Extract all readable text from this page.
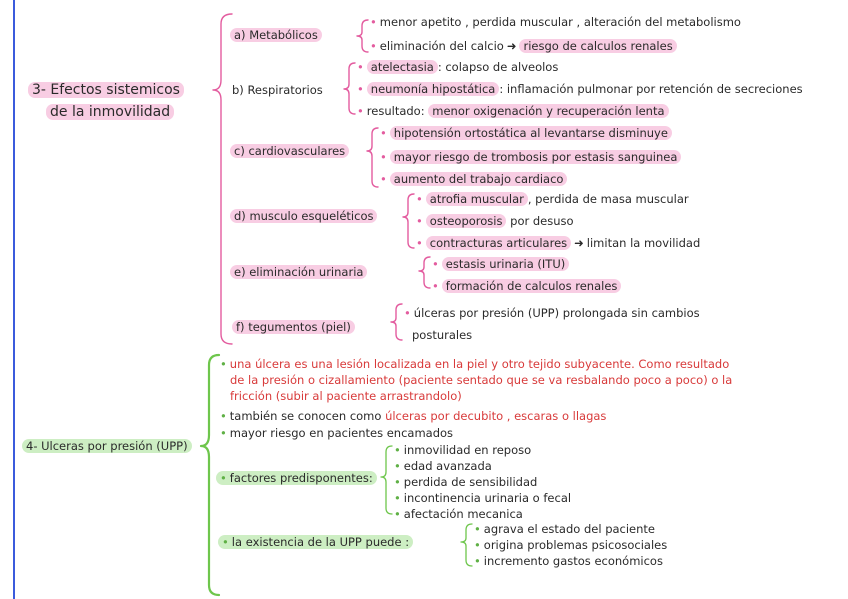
3- Efectos sistemicos
de la inmovilidad
a) Metabólicos
• menor apetito , perdida muscular , alteración del metabolismo
• eliminación del calcio ➜ riesgo de calculos renales
b) Respiratorios
• atelectasia : colapso de alveolos
• neumonía hipostática : inflamación pulmonar por retención de secreciones
• resultado: menor oxigenación y recuperación lenta
c) cardiovasculares
• hipotensión ortostática al levantarse disminuye
• mayor riesgo de trombosis por estasis sanguinea
• aumento del trabajo cardiaco
d) musculo esqueléticos
• atrofia muscular , perdida de masa muscular
• osteoporosis por desuso
• contracturas articulares ➜ limitan la movilidad
e) eliminación urinaria
• estasis urinaria (ITU)
• formación de calculos renales
f) tegumentos (piel)
• úlceras por presión (UPP) prolongada sin cambios
posturales
4- Ulceras por presión (UPP)
• una úlcera es una lesión localizada en la piel y otro tejido subyacente. Como resultado
de la presión o cizallamiento (paciente sentado que se va resbalando poco a poco) o la
fricción (subir al paciente arrastrandolo)
• también se conocen como úlceras por decubito , escaras o llagas
• mayor riesgo en pacientes encamados
• factores predisponentes:
• inmovilidad en reposo
• edad avanzada
• perdida de sensibilidad
• incontinencia urinaria o fecal
• afectación mecanica
• la existencia de la UPP puede :
• agrava el estado del paciente
• origina problemas psicosociales
• incremento gastos económicos
